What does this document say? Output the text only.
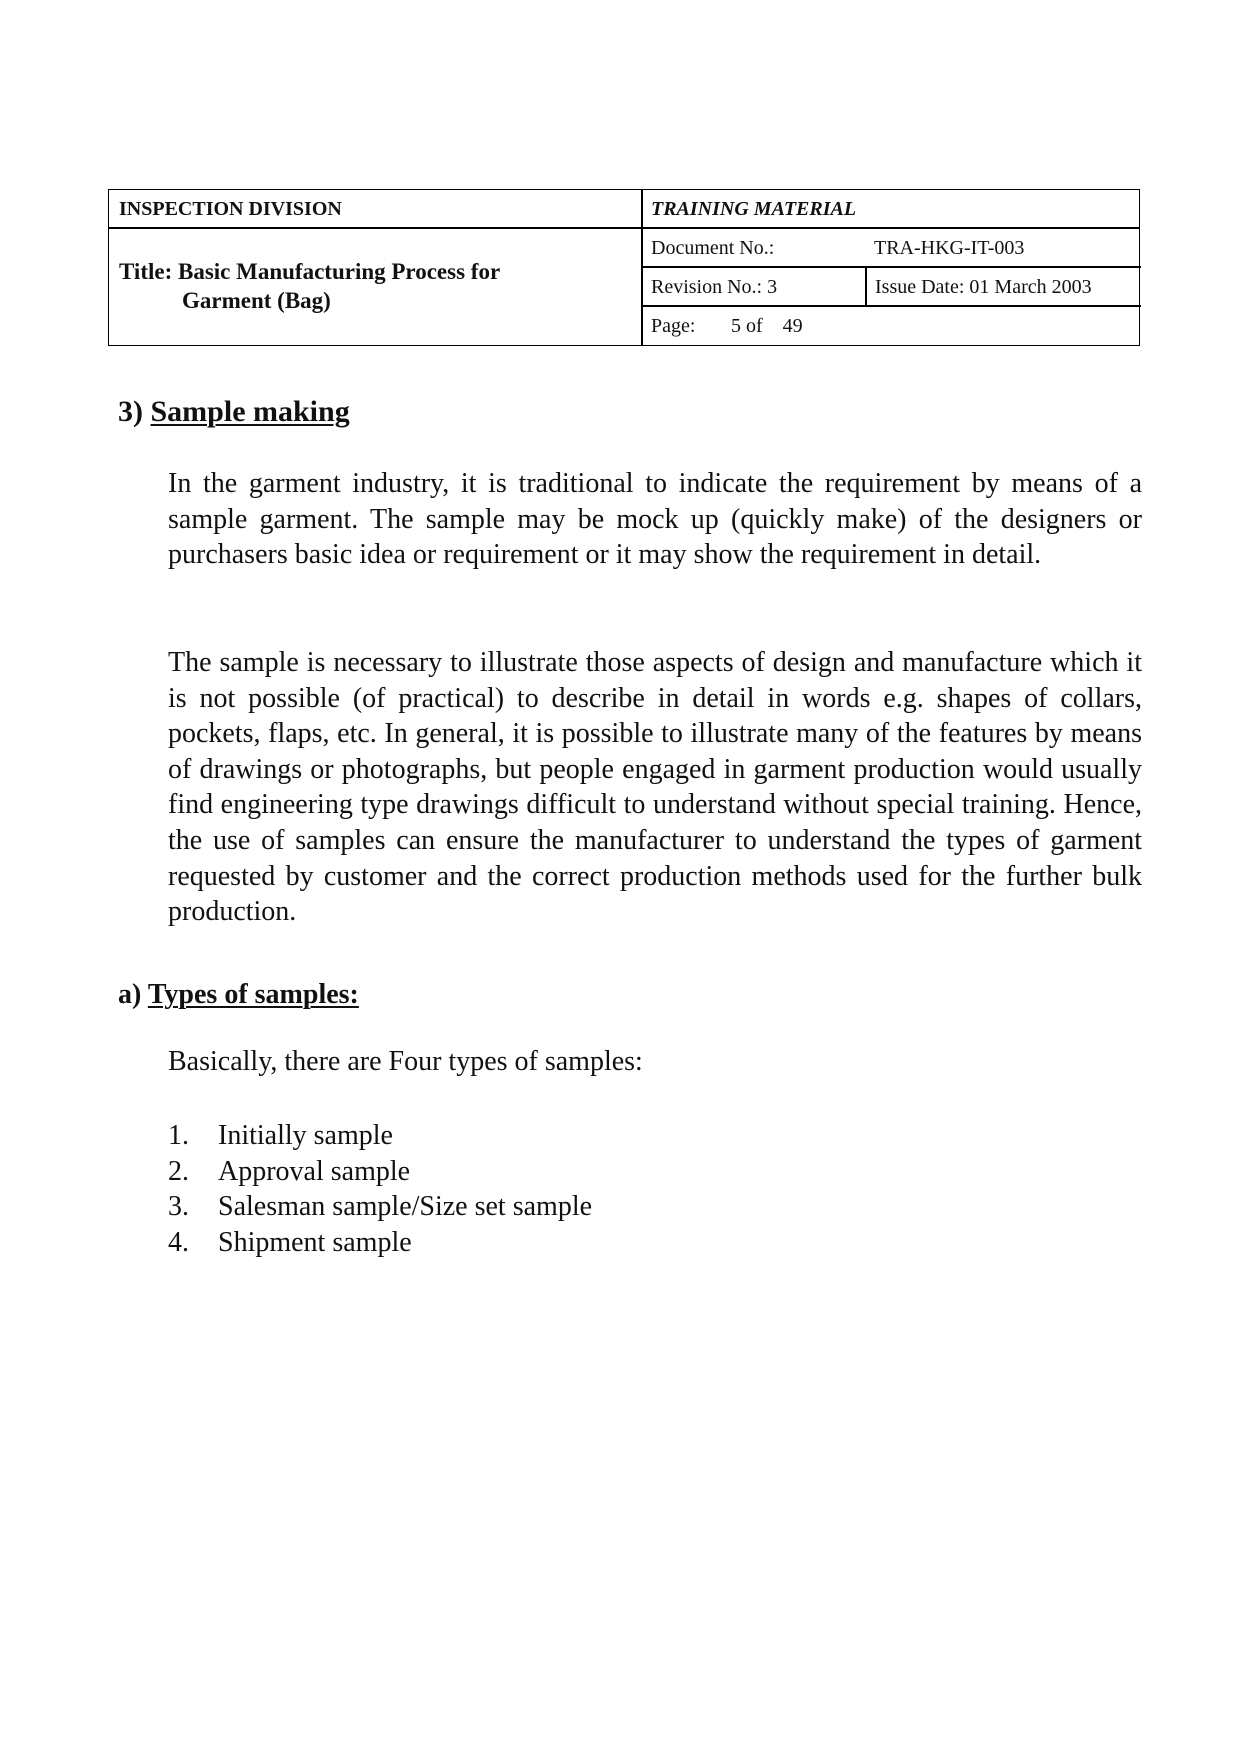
INSPECTION DIVISION	TRAINING MATERIAL
Title: Basic Manufacturing Process for
Garment (Bag)
Document No.:	TRA-HKG-IT-003
Revision No.: 3	Issue Date: 01 March 2003
Page:	5 of    49
3) Sample making

In the garment industry, it is traditional to indicate the requirement by means of a sample garment. The sample may be mock up (quickly make) of the designers or purchasers basic idea or requirement or it may show the requirement in detail.

The sample is necessary to illustrate those aspects of design and manufacture which it is not possible (of practical) to describe in detail in words e.g. shapes of collars, pockets, flaps, etc. In general, it is possible to illustrate many of the features by means of drawings or photographs, but people engaged in garment production would usually find engineering type drawings difficult to understand without special training. Hence, the use of samples can ensure the manufacturer to understand the types of garment requested by customer and the correct production methods used for the further bulk production.

a) Types of samples:
Basically, there are Four types of samples:
1.	Initially sample
2.	Approval sample
3.	Salesman sample/Size set sample
4.	Shipment sample
